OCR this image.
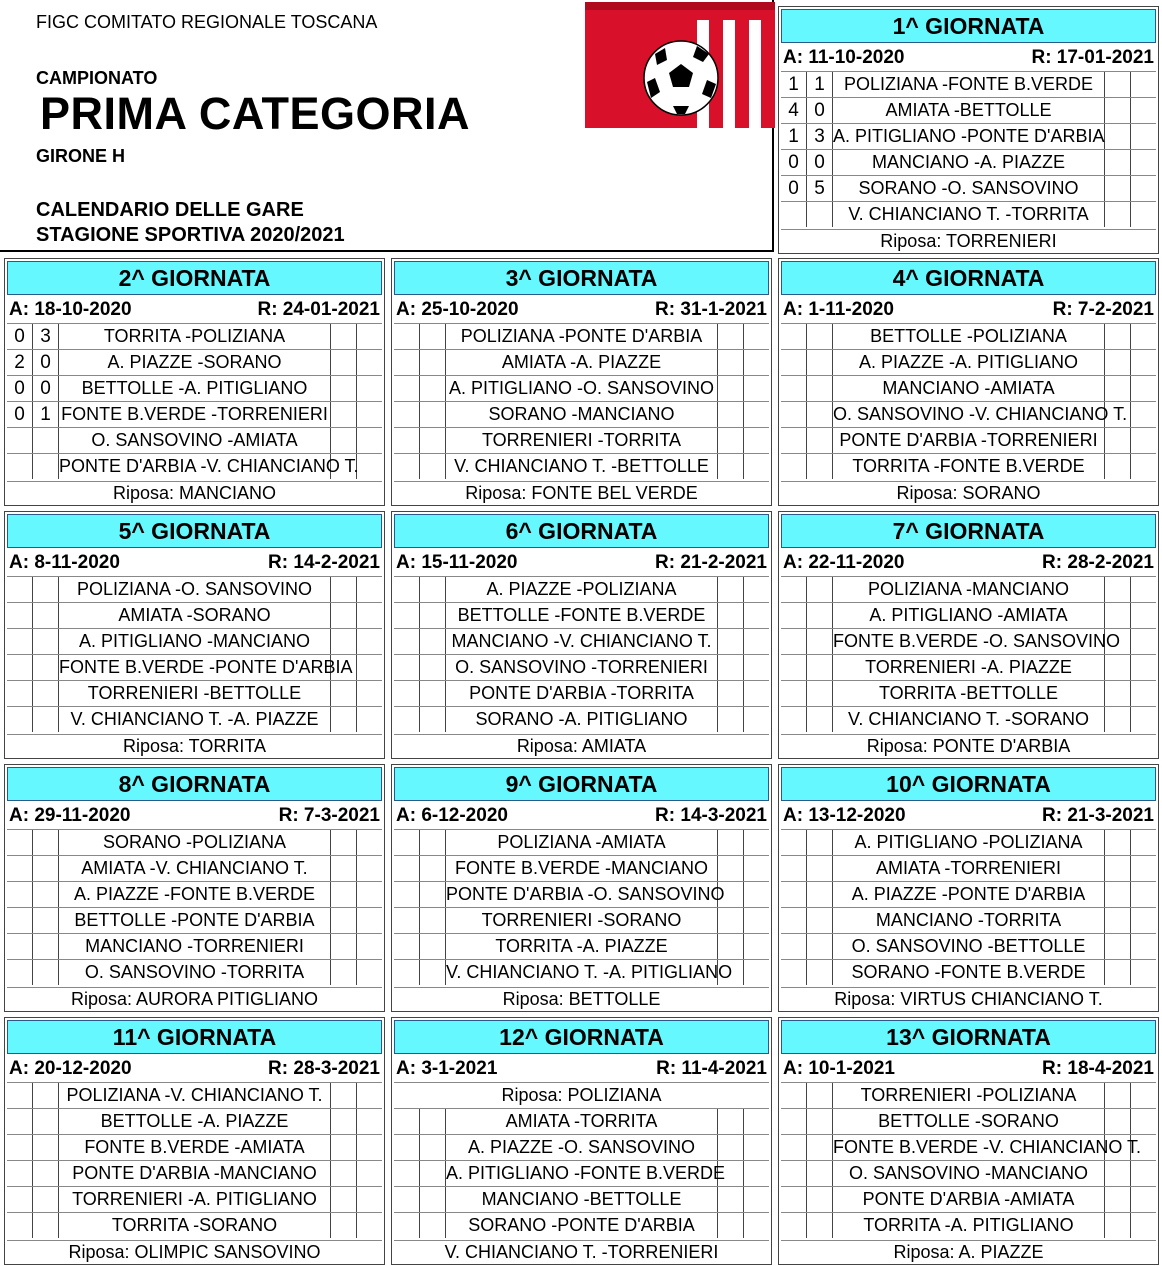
FIGC COMITATO REGIONALE TOSCANA
CAMPIONATO
PRIMA CATEGORIA
GIRONE H
CALENDARIO DELLE GARE
STAGIONE SPORTIVA 2020/2021
1^ GIORNATA
A: 11-10-2020	R: 17-01-2021
1 1	POLIZIANA -FONTE B.VERDE
4 0	AMIATA -BETTOLLE
1 3 A. PITIGLIANO -PONTE D'ARBIA
0 0	MANCIANO -A. PIAZZE
0 5	SORANO -O. SANSOVINO
V. CHIANCIANO T. -TORRITA
Riposa: TORRENIERI
2^ GIORNATA
A: 18-10-2020	R: 24-01-2021
0 3	TORRITA -POLIZIANA
2 0	A. PIAZZE -SORANO
0 0	BETTOLLE -A. PITIGLIANO
0 1 FONTE B.VERDE -TORRENIERI
O. SANSOVINO -AMIATA
PONTE D'ARBIA -V. CHIANCIANO T.
Riposa: MANCIANO
3^ GIORNATA
A: 25-10-2020	R: 31-1-2021
POLIZIANA -PONTE D'ARBIA
AMIATA -A. PIAZZE
A. PITIGLIANO -O. SANSOVINO
SORANO -MANCIANO
TORRENIERI -TORRITA
V. CHIANCIANO T. -BETTOLLE
Riposa: FONTE BEL VERDE
4^ GIORNATA
A: 1-11-2020	R: 7-2-2021
BETTOLLE -POLIZIANA
A. PIAZZE -A. PITIGLIANO
MANCIANO -AMIATA
O. SANSOVINO -V. CHIANCIANO T.
PONTE D'ARBIA -TORRENIERI
TORRITA -FONTE B.VERDE
Riposa: SORANO
5^ GIORNATA
A: 8-11-2020	R: 14-2-2021
POLIZIANA -O. SANSOVINO
AMIATA -SORANO
A. PITIGLIANO -MANCIANO
FONTE B.VERDE -PONTE D'ARBIA
TORRENIERI -BETTOLLE
V. CHIANCIANO T. -A. PIAZZE
Riposa: TORRITA
6^ GIORNATA
A: 15-11-2020	R: 21-2-2021
A. PIAZZE -POLIZIANA
BETTOLLE -FONTE B.VERDE
MANCIANO -V. CHIANCIANO T.
O. SANSOVINO -TORRENIERI
PONTE D'ARBIA -TORRITA
SORANO -A. PITIGLIANO
Riposa: AMIATA
7^ GIORNATA
A: 22-11-2020	R: 28-2-2021
POLIZIANA -MANCIANO
A. PITIGLIANO -AMIATA
FONTE B.VERDE -O. SANSOVINO
TORRENIERI -A. PIAZZE
TORRITA -BETTOLLE
V. CHIANCIANO T. -SORANO
Riposa: PONTE D'ARBIA
8^ GIORNATA
A: 29-11-2020	R: 7-3-2021
SORANO -POLIZIANA
AMIATA -V. CHIANCIANO T.
A. PIAZZE -FONTE B.VERDE
BETTOLLE -PONTE D'ARBIA
MANCIANO -TORRENIERI
O. SANSOVINO -TORRITA
Riposa: AURORA PITIGLIANO
9^ GIORNATA
A: 6-12-2020	R: 14-3-2021
POLIZIANA -AMIATA
FONTE B.VERDE -MANCIANO
PONTE D'ARBIA -O. SANSOVINO
TORRENIERI -SORANO
TORRITA -A. PIAZZE
V. CHIANCIANO T. -A. PITIGLIANO
Riposa: BETTOLLE
10^ GIORNATA
A: 13-12-2020	R: 21-3-2021
A. PITIGLIANO -POLIZIANA
AMIATA -TORRENIERI
A. PIAZZE -PONTE D'ARBIA
MANCIANO -TORRITA
O. SANSOVINO -BETTOLLE
SORANO -FONTE B.VERDE
Riposa: VIRTUS CHIANCIANO T.
11^ GIORNATA
A: 20-12-2020	R: 28-3-2021
POLIZIANA -V. CHIANCIANO T.
BETTOLLE -A. PIAZZE
FONTE B.VERDE -AMIATA
PONTE D'ARBIA -MANCIANO
TORRENIERI -A. PITIGLIANO
TORRITA -SORANO
Riposa: OLIMPIC SANSOVINO
12^ GIORNATA
A: 3-1-2021	R: 11-4-2021
Riposa: POLIZIANA
AMIATA -TORRITA
A. PIAZZE -O. SANSOVINO
A. PITIGLIANO -FONTE B.VERDE
MANCIANO -BETTOLLE
SORANO -PONTE D'ARBIA
V. CHIANCIANO T. -TORRENIERI
13^ GIORNATA
A: 10-1-2021	R: 18-4-2021
TORRENIERI -POLIZIANA
BETTOLLE -SORANO
FONTE B.VERDE -V. CHIANCIANO T.
O. SANSOVINO -MANCIANO
PONTE D'ARBIA -AMIATA
TORRITA -A. PITIGLIANO
Riposa: A. PIAZZE
